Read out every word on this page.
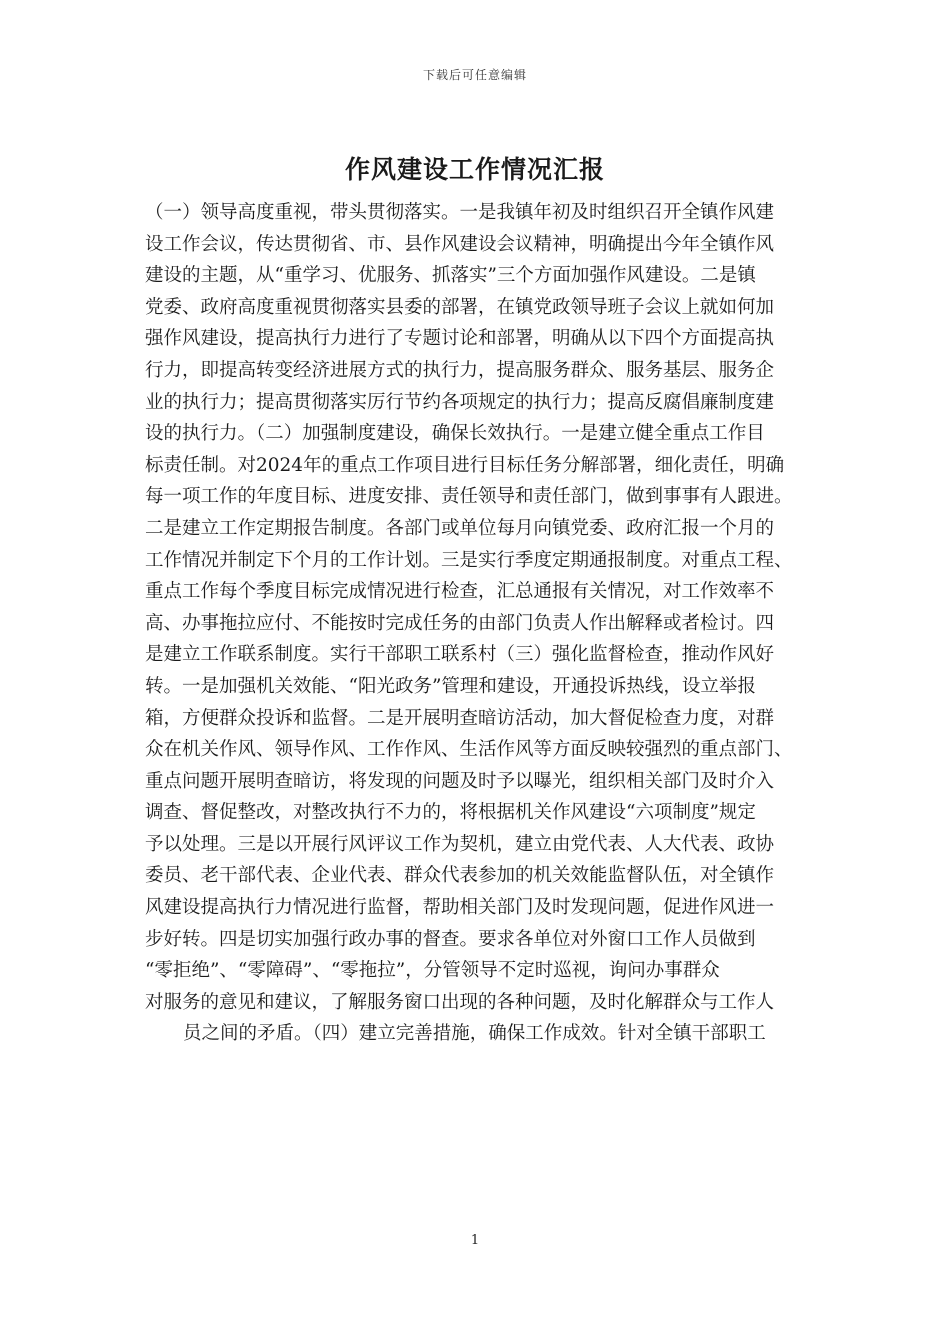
下载后可任意编辑
作风建设工作情况汇报
（一）领导高度重视，带头贯彻落实。一是我镇年初及时组织召开全镇作风建
设工作会议，传达贯彻省、市、县作风建设会议精神，明确提出今年全镇作风
建设的主题，从“重学习、优服务、抓落实”三个方面加强作风建设。二是镇
党委、政府高度重视贯彻落实县委的部署，在镇党政领导班子会议上就如何加
强作风建设，提高执行力进行了专题讨论和部署，明确从以下四个方面提高执
行力，即提高转变经济进展方式的执行力，提高服务群众、服务基层、服务企
业的执行力；提高贯彻落实厉行节约各项规定的执行力；提高反腐倡廉制度建
设的执行力。（二）加强制度建设，确保长效执行。一是建立健全重点工作目
标责任制。对2024年的重点工作项目进行目标任务分解部署，细化责任，明确
每一项工作的年度目标、进度安排、责任领导和责任部门，做到事事有人跟进。
二是建立工作定期报告制度。各部门或单位每月向镇党委、政府汇报一个月的
工作情况并制定下个月的工作计划。三是实行季度定期通报制度。对重点工程、
重点工作每个季度目标完成情况进行检查，汇总通报有关情况，对工作效率不
高、办事拖拉应付、不能按时完成任务的由部门负责人作出解释或者检讨。四
是建立工作联系制度。实行干部职工联系村（三）强化监督检查，推动作风好
转。一是加强机关效能、“阳光政务”管理和建设，开通投诉热线，设立举报
箱，方便群众投诉和监督。二是开展明查暗访活动，加大督促检查力度，对群
众在机关作风、领导作风、工作作风、生活作风等方面反映较强烈的重点部门、
重点问题开展明查暗访，将发现的问题及时予以曝光，组织相关部门及时介入
调查、督促整改，对整改执行不力的，将根据机关作风建设“六项制度”规定
予以处理。三是以开展行风评议工作为契机，建立由党代表、人大代表、政协
委员、老干部代表、企业代表、群众代表参加的机关效能监督队伍，对全镇作
风建设提高执行力情况进行监督，帮助相关部门及时发现问题，促进作风进一
步好转。四是切实加强行政办事的督查。要求各单位对外窗口工作人员做到
“零拒绝”、“零障碍”、“零拖拉”，分管领导不定时巡视，询问办事群众
对服务的意见和建议，了解服务窗口出现的各种问题，及时化解群众与工作人
员之间的矛盾。（四）建立完善措施，确保工作成效。针对全镇干部职工
1
